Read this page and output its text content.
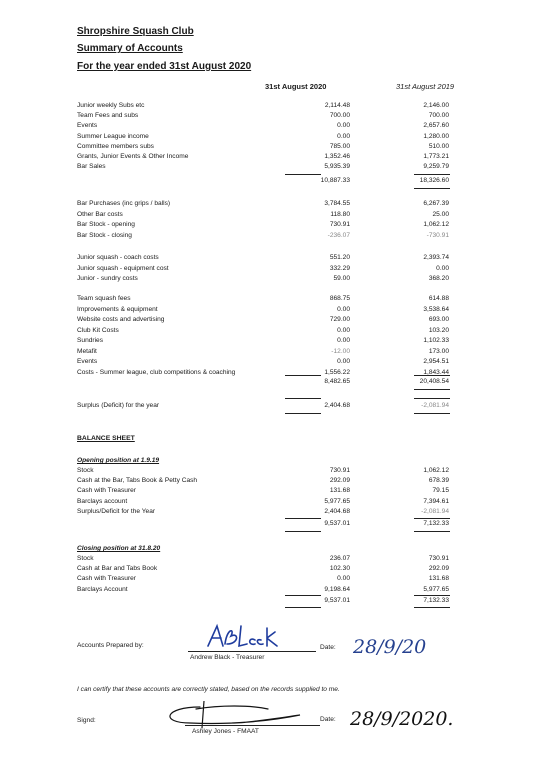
Shropshire Squash Club
Summary of Accounts
For the year ended 31st August 2020
31st August 2020	31st August 2019
Junior weekly Subs etc	2,114.48	2,146.00
Team Fees and subs	700.00	700.00
Events	0.00	2,657.60
Summer League income	0.00	1,280.00
Committee members subs	785.00	510.00
Grants, Junior Events & Other Income	1,352.46	1,773.21
Bar Sales	5,935.39	9,259.79
10,887.33	18,326.60
Bar Purchases (inc grips / balls)	3,784.55	6,267.39
Other Bar costs	118.80	25.00
Bar Stock - opening	730.91	1,062.12
Bar Stock - closing	-236.07	-730.91
Junior squash - coach costs	551.20	2,393.74
Junior squash - equipment cost	332.29	0.00
Junior - sundry costs	59.00	368.20
Team squash fees	868.75	614.88
Improvements & equipment	0.00	3,538.64
Website costs and advertising	729.00	693.00
Club Kit Costs	0.00	103.20
Sundries	0.00	1,102.33
Metafit	-12.00	173.00
Events	0.00	2,954.51
Costs - Summer league, club competitions & coaching	1,556.22	1,843.44
8,482.65	20,408.54
Surplus (Deficit) for the year	2,404.68	-2,081.94
BALANCE SHEET
Opening position at 1.9.19
Stock	730.91	1,062.12
Cash at the Bar, Tabs Book & Petty Cash	292.09	678.39
Cash with Treasurer	131.68	79.15
Barclays account	5,977.65	7,394.61
Surplus/Deficit for the Year	2,404.68	-2,081.94
9,537.01	7,132.33
Closing position at 31.8.20
Stock	236.07	730.91
Cash at Bar and Tabs Book	102.30	292.09
Cash with Treasurer	0.00	131.68
Barclays Account	9,198.64	5,977.65
9,537.01	7,132.33
Accounts Prepared by:
Andrew Black - Treasurer
Date: 28/9/20
I can certify that these accounts are correctly stated, based on the records supplied to me.
Signd:
Ashley Jones - FMAAT
Date: 28/9/2020.
